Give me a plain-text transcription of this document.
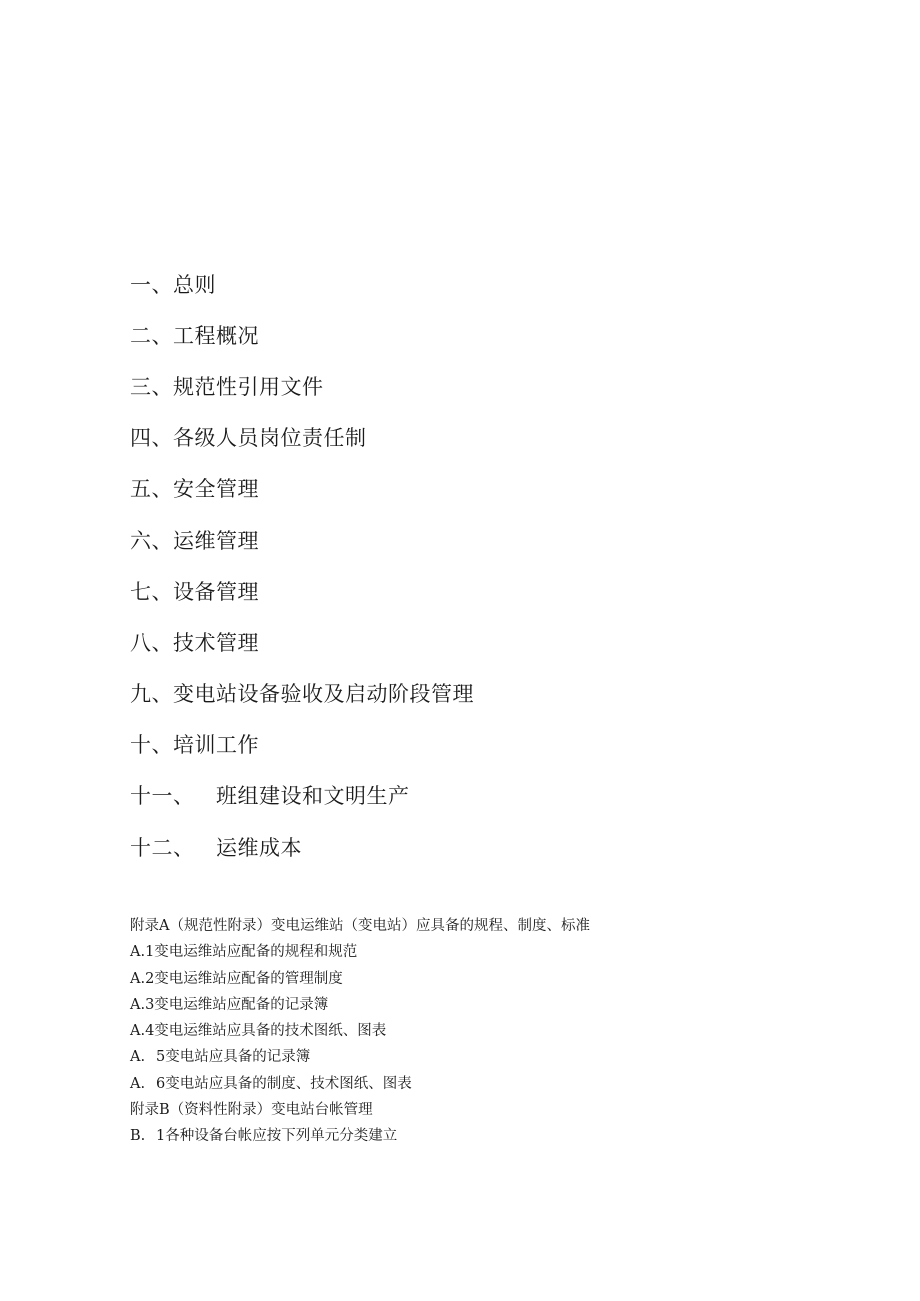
一、 总则
二、 工程概况
三、 规范性引用文件
四、 各级人员岗位责任制
五、 安全管理
六、 运维管理
七、 设备管理
八、 技术管理
九、 变电站设备验收及启动阶段管理
十、 培训工作
十一、	班组建设和文明生产
十二、	运维成本
附录A（规范性附录）变电运维站（变电站）应具备的规程、制度、标准
A.1变电运维站应配备的规程和规范
A.2变电运维站应配备的管理制度
A.3变电运维站应配备的记录簿
A.4变电运维站应具备的技术图纸、图表
A. 5变电站应具备的记录簿
A. 6变电站应具备的制度、技术图纸、图表
附录B（资料性附录）变电站台帐管理
B. 1各种设备台帐应按下列单元分类建立
